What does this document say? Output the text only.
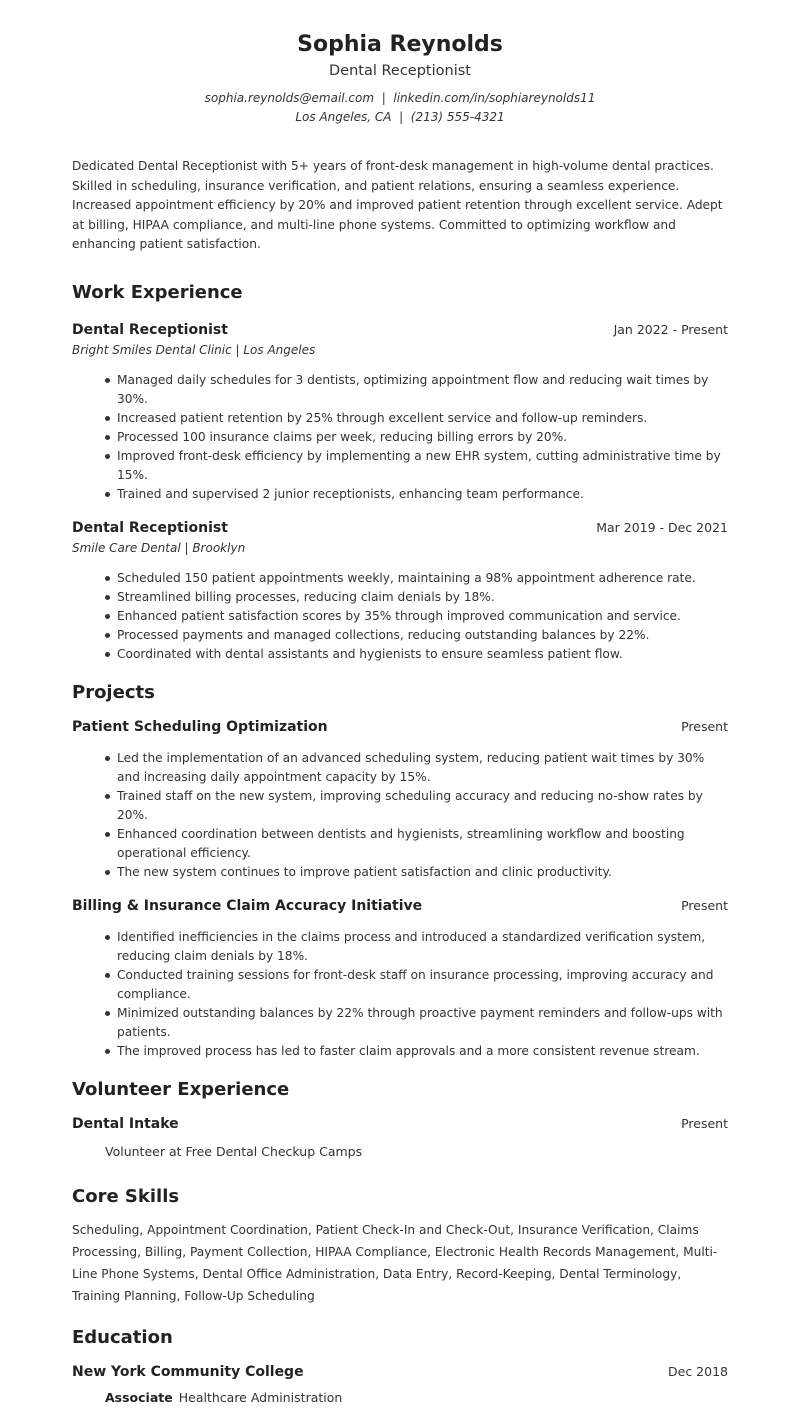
Sophia Reynolds
Dental Receptionist
sophia.reynolds@email.com | linkedin.com/in/sophiareynolds11
Los Angeles, CA | (213) 555-4321
Dedicated Dental Receptionist with 5+ years of front-desk management in high-volume dental practices. Skilled in scheduling, insurance verification, and patient relations, ensuring a seamless experience. Increased appointment efficiency by 20% and improved patient retention through excellent service. Adept at billing, HIPAA compliance, and multi-line phone systems. Committed to optimizing workflow and enhancing patient satisfaction.
Work Experience
Dental Receptionist	Jan 2022 - Present
Bright Smiles Dental Clinic | Los Angeles
Managed daily schedules for 3 dentists, optimizing appointment flow and reducing wait times by 30%.
Increased patient retention by 25% through excellent service and follow-up reminders.
Processed 100 insurance claims per week, reducing billing errors by 20%.
Improved front-desk efficiency by implementing a new EHR system, cutting administrative time by 15%.
Trained and supervised 2 junior receptionists, enhancing team performance.
Dental Receptionist	Mar 2019 - Dec 2021
Smile Care Dental | Brooklyn
Scheduled 150 patient appointments weekly, maintaining a 98% appointment adherence rate.
Streamlined billing processes, reducing claim denials by 18%.
Enhanced patient satisfaction scores by 35% through improved communication and service.
Processed payments and managed collections, reducing outstanding balances by 22%.
Coordinated with dental assistants and hygienists to ensure seamless patient flow.
Projects
Patient Scheduling Optimization	Present
Led the implementation of an advanced scheduling system, reducing patient wait times by 30% and increasing daily appointment capacity by 15%.
Trained staff on the new system, improving scheduling accuracy and reducing no-show rates by 20%.
Enhanced coordination between dentists and hygienists, streamlining workflow and boosting operational efficiency.
The new system continues to improve patient satisfaction and clinic productivity.
Billing & Insurance Claim Accuracy Initiative	Present
Identified inefficiencies in the claims process and introduced a standardized verification system, reducing claim denials by 18%.
Conducted training sessions for front-desk staff on insurance processing, improving accuracy and compliance.
Minimized outstanding balances by 22% through proactive payment reminders and follow-ups with patients.
The improved process has led to faster claim approvals and a more consistent revenue stream.
Volunteer Experience
Dental Intake	Present
Volunteer at Free Dental Checkup Camps
Core Skills
Scheduling, Appointment Coordination, Patient Check-In and Check-Out, Insurance Verification, Claims Processing, Billing, Payment Collection, HIPAA Compliance, Electronic Health Records Management, Multi-Line Phone Systems, Dental Office Administration, Data Entry, Record-Keeping, Dental Terminology, Training Planning, Follow-Up Scheduling
Education
New York Community College	Dec 2018
Associate Healthcare Administration
